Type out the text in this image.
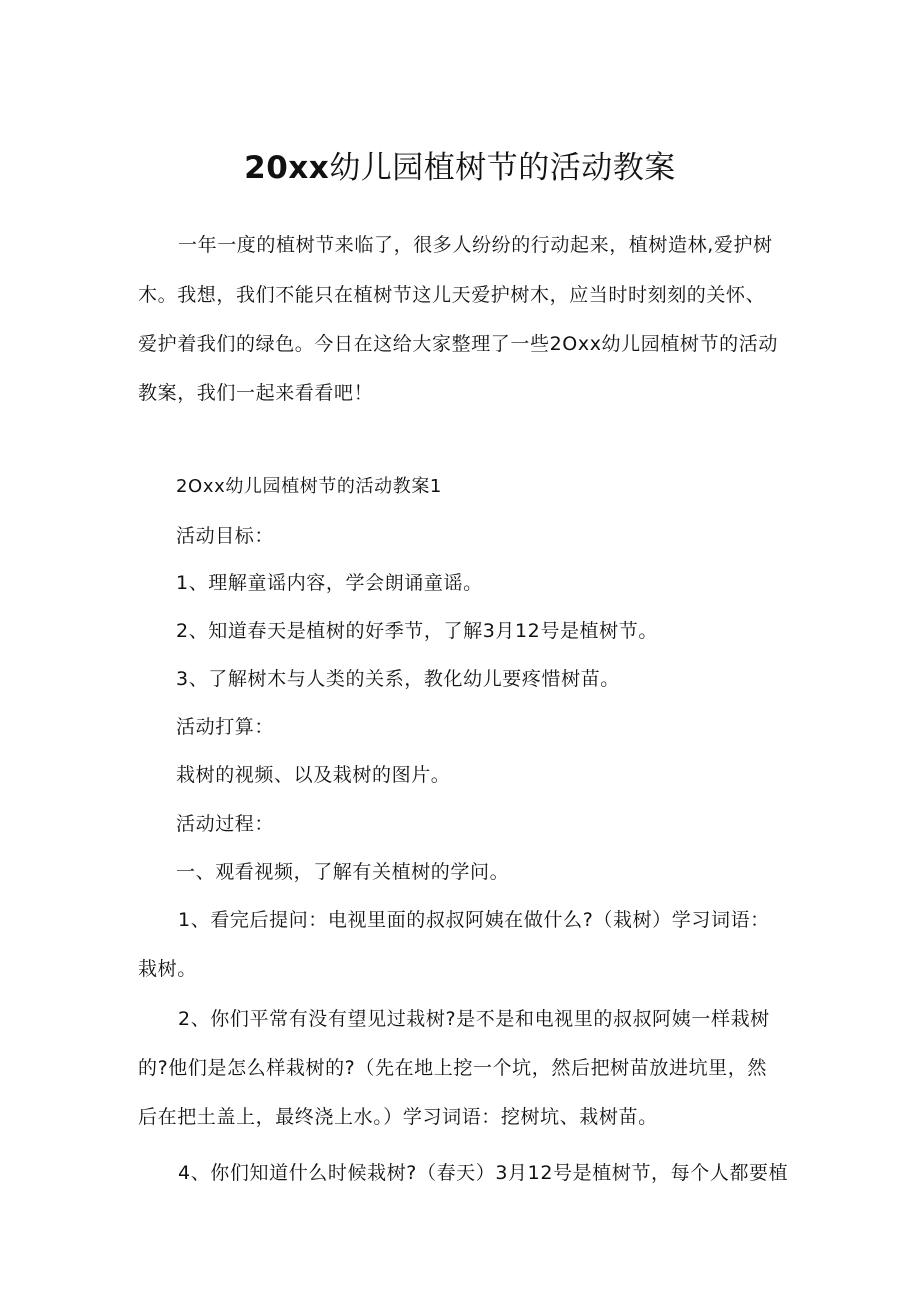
20xx幼儿园植树节的活动教案
一年一度的植树节来临了，很多人纷纷的行动起来，植树造林,爱护树
木。我想，我们不能只在植树节这儿天爱护树木，应当时时刻刻的关怀、
爱护着我们的绿色。今日在这给大家整理了一些2Oxx幼儿园植树节的活动
教案，我们一起来看看吧！
2Oxx幼儿园植树节的活动教案1
活动目标：
1、理解童谣内容，学会朗诵童谣。
2、知道春天是植树的好季节，了解3月12号是植树节。
3、了解树木与人类的关系，教化幼儿要疼惜树苗。
活动打算：
栽树的视频、以及栽树的图片。
活动过程：
一、观看视频，了解有关植树的学问。
1、看完后提问：电视里面的叔叔阿姨在做什么?（栽树）学习词语：
栽树。
2、你们平常有没有望见过栽树?是不是和电视里的叔叔阿姨一样栽树
的?他们是怎么样栽树的?（先在地上挖一个坑，然后把树苗放进坑里，然
后在把土盖上，最终浇上水。）学习词语：挖树坑、栽树苗。
4、你们知道什么时候栽树?（春天）3月12号是植树节，每个人都要植
